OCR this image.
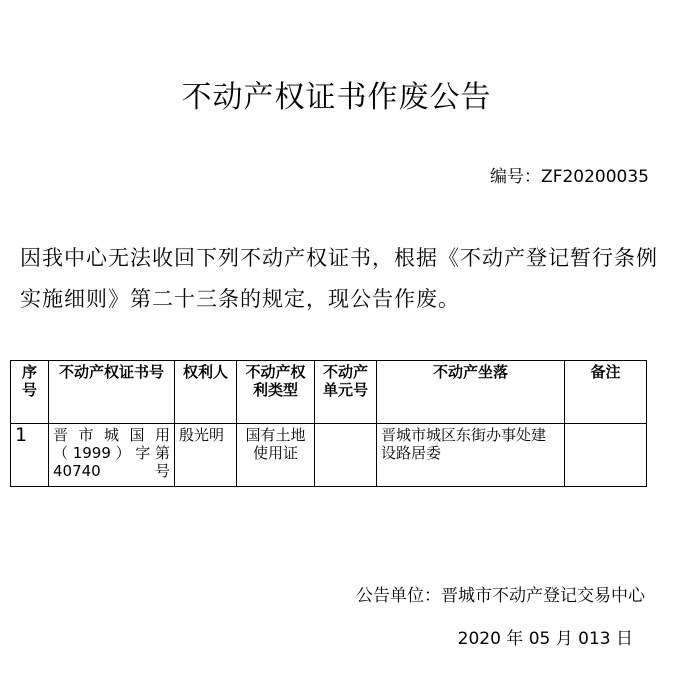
不动产权证书作废公告
编号：ZF20200035
因我中心无法收回下列不动产权证书，根据《不动产登记暂行条例实施细则》第二十三条的规定，现公告作废。
序号	不动产权证书号	权利人	不动产权利类型	不动产单元号	不动产坐落	备注
1	晋市城国用（1999）字第40740号	殷光明	国有土地使用证		晋城市城区东街办事处建设路居委	
公告单位：晋城市不动产登记交易中心
2020 年 05 月 013 日
